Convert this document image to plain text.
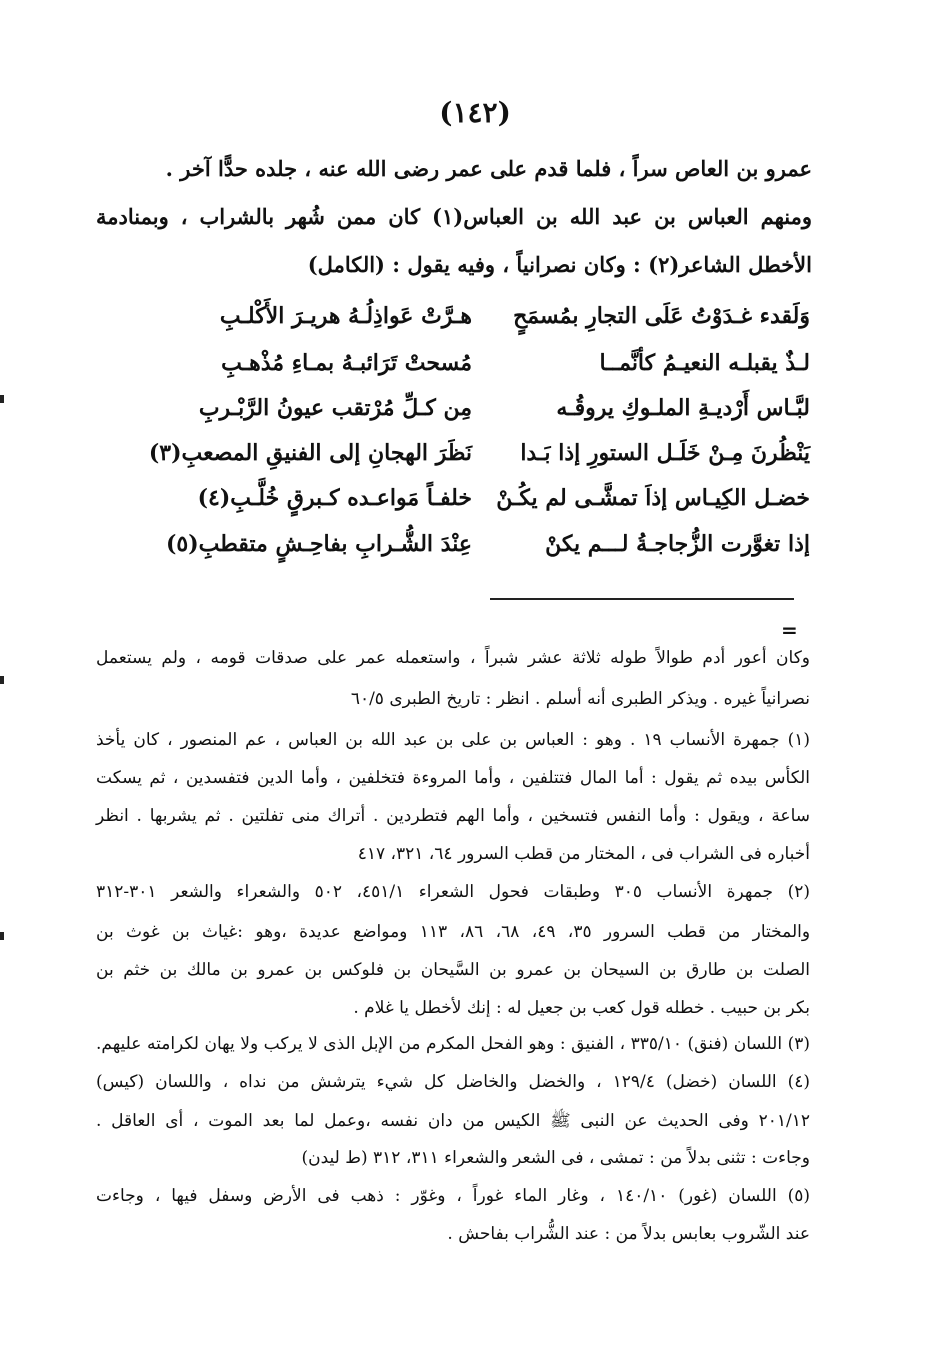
(١٤٢)
عمرو بن العاص سراً ، فلما قدم على عمر رضى الله عنه ، جلده حدًّا آخر .
ومنهم العباس بن عبد الله بن العباس(١) كان ممن شُهر بالشراب ، وبمنادمة
الأخطل الشاعر(٢) : وكان نصرانياً ، وفيه يقول : (الكامل)
وَلَقدء غـدَوْتُ عَلَى التجارِ بمُسمَحٍ
هـرَّتْ عَواذِلُـهُ هريـرَ الأَكْلـبِ
لـذٌ يقبلـه النعيـمُ كأنَّمــا
مُسحتْ تَرَائبـهُ بمـاءِ مُذْهـبِ
لبَّـاس أَرْديـةِ الملـوكِ يروقُـه
مِن كـلِّ مُرْتقب عيونُ الرَّبْـربِ
يَنْظُرنَ مِـنْ خَلَـل الستورِ إذا بَـدا
نَظَرَ الهجانِ إلى الفنيقِ المصعبِ(٣)
خضـل الكِيـاس إذاَ تمشَّـى لم يكُـنْ
خلفـاً مَواعـده كـبرقٍ خُلَّـبِ(٤)
إذا تغوَّرت الزُّجاجـةُ لـــم يكنْ
عِنْدَ الشُّـرابِ بفاحِـشٍ متقطبِ(٥)
=
وكان أعور أدم طوالاً طوله ثلاثة عشر شبراً ، واستعمله عمر على صدقات قومه ، ولم يستعمل
نصرانياً غيره . ويذكر الطبرى أنه أسلم . انظر : تاريخ الطبرى ٦٠/٥
(١) جمهرة الأنساب ١٩ . وهو : العباس بن على بن عبد الله بن العباس ، عم المنصور ، كان يأخذ
الكأس بيده ثم يقول : أما المال فتتلفين ، وأما المروءة فتخلفين ، وأما الدين فتفسدين ، ثم يسكت
ساعة ، ويقول : وأما النفس فتسخين ، وأما الهم فتطردين . أتراك منى تفلتين . ثم يشربها . انظر
أخباره فى الشراب فى ، المختار من قطب السرور ٦٤، ٣٢١، ٤١٧
(٢) جمهرة الأنساب ٣٠٥ وطبقات فحول الشعراء ٤٥١/١، ٥٠٢ والشعراء والشعر ٣٠١-٣١٢
والمختار من قطب السرور ٣٥، ٤٩، ٦٨، ٨٦، ١١٣ ومواضع عديدة ،وهو :غياث بن غوث بن
الصلت بن طارق بن السيحان بن عمرو بن السَّيحان بن فلوكس بن عمرو بن مالك بن خثم بن
بكر بن حبيب . خطله قول كعب بن جعيل له : إنك لأخطل يا غلام .
(٣) اللسان (فنق) ٣٣٥/١٠ ، الفنيق : وهو الفحل المكرم من الإبل الذى لا يركب ولا يهان لكرامته عليهم.
(٤) اللسان (خضل) ١٢٩/٤ ، والخضل والخاضل كل شيء يترشش من نداه ، واللسان (كيس)
٢٠١/١٢ وفى الحديث عن النبى ﷺ الكيس من دان نفسه ،وعمل لما بعد الموت ، أى العاقل .
وجاءت : تثنى بدلاً من : تمشى ، فى الشعر والشعراء ٣١١، ٣١٢ (ط ليدن)
(٥) اللسان (غور) ١٤٠/١٠ ، وغار الماء غوراً ، وغوّر : ذهب فى الأرض وسفل فيها ، وجاءت
عند الشّروب بعابس بدلاً من : عند الشُّراب بفاحش .
